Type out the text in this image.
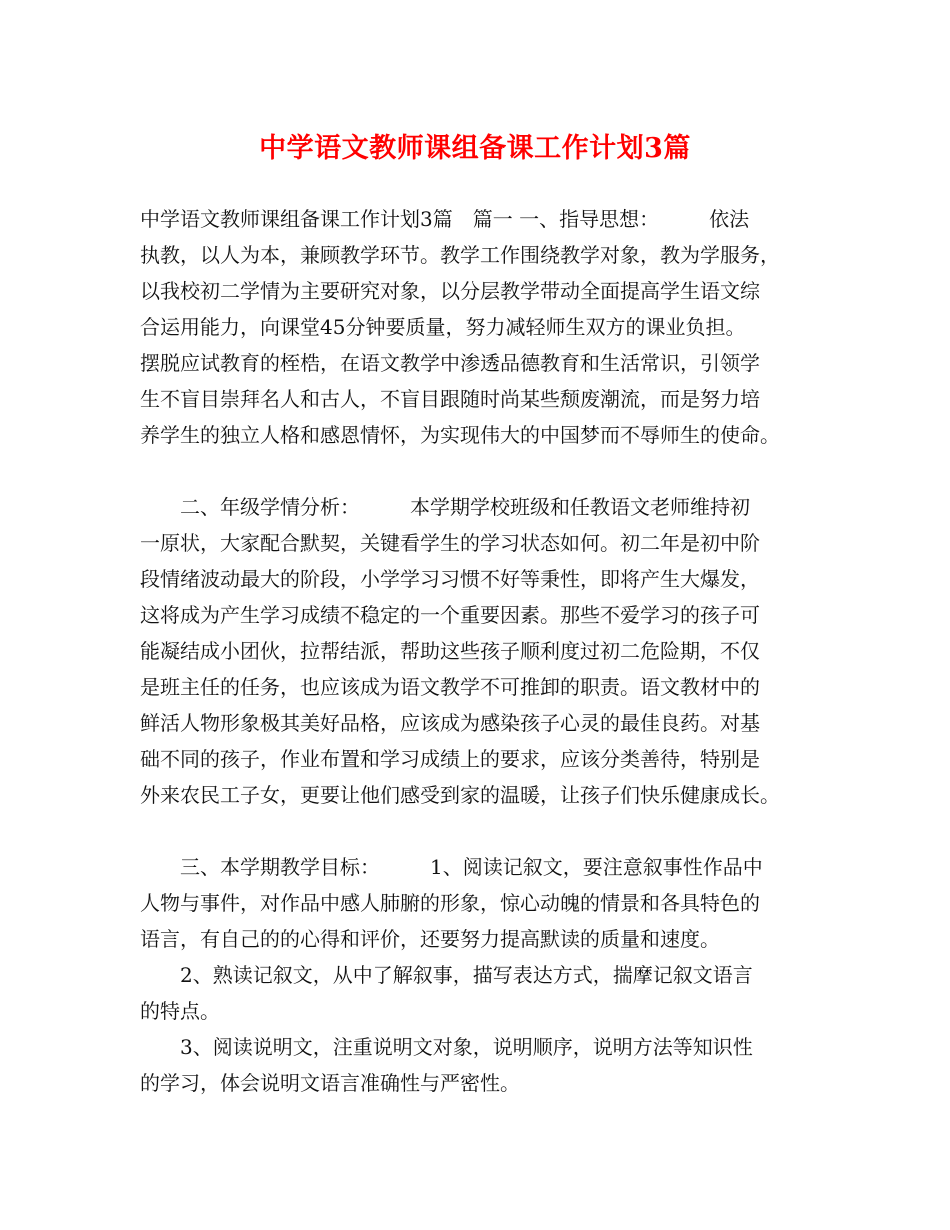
中学语文教师课组备课工作计划3篇
中学语文教师课组备课工作计划3篇　篇一 一、指导思想：　　　依法
执教，以人为本，兼顾教学环节。教学工作围绕教学对象，教为学服务，
以我校初二学情为主要研究对象，以分层教学带动全面提高学生语文综
合运用能力，向课堂45分钟要质量，努力减轻师生双方的课业负担。
摆脱应试教育的桎梏，在语文教学中渗透品德教育和生活常识，引领学
生不盲目崇拜名人和古人，不盲目跟随时尚某些颓废潮流，而是努力培
养学生的独立人格和感恩情怀，为实现伟大的中国梦而不辱师生的使命。
　　二、年级学情分析：　　　本学期学校班级和任教语文老师维持初
一原状，大家配合默契，关键看学生的学习状态如何。初二年是初中阶
段情绪波动最大的阶段，小学学习习惯不好等秉性，即将产生大爆发，
这将成为产生学习成绩不稳定的一个重要因素。那些不爱学习的孩子可
能凝结成小团伙，拉帮结派，帮助这些孩子顺利度过初二危险期，不仅
是班主任的任务，也应该成为语文教学不可推卸的职责。语文教材中的
鲜活人物形象极其美好品格，应该成为感染孩子心灵的最佳良药。对基
础不同的孩子，作业布置和学习成绩上的要求，应该分类善待，特别是
外来农民工子女，更要让他们感受到家的温暖，让孩子们快乐健康成长。
　　三、本学期教学目标：　　　1、阅读记叙文，要注意叙事性作品中
人物与事件，对作品中感人肺腑的形象，惊心动魄的情景和各具特色的
语言，有自己的的心得和评价，还要努力提高默读的质量和速度。
　　2、熟读记叙文，从中了解叙事，描写表达方式，揣摩记叙文语言
的特点。
　　3、阅读说明文，注重说明文对象，说明顺序，说明方法等知识性
的学习，体会说明文语言准确性与严密性。
